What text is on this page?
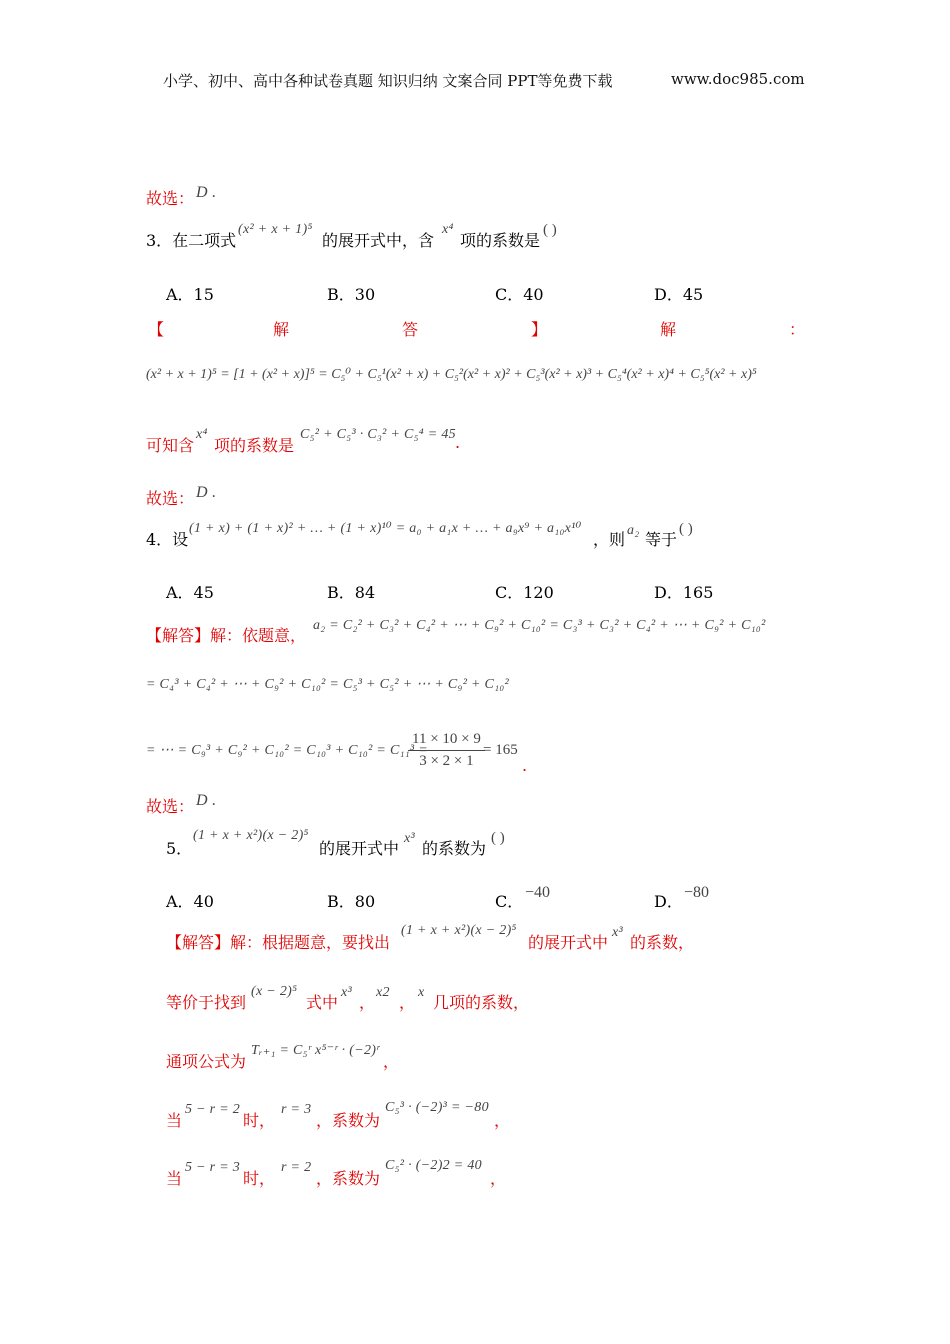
小学、初中、高中各种试卷真题 知识归纳 文案合同 PPT等免费下载	www.doc985.com
故选： D .
3．在二项式
(x² + x + 1)⁵
的展开式中，含
x⁴
项的系数是
( )
A．15	B．30	C．40	D．45
【	解	答	】	解	：
(x² + x + 1)⁵ = [1 + (x² + x)]⁵ = C₅⁰ + C₅¹(x² + x) + C₅²(x² + x)² + C₅³(x² + x)³ + C₅⁴(x² + x)⁴ + C₅⁵(x² + x)⁵
可知含
x⁴
项的系数是
C₅² + C₅³ · C₃² + C₅⁴ = 45 .
故选： D .
4．设
(1 + x) + (1 + x)² + … + (1 + x)¹⁰ = a₀ + a₁x + … + a₉x⁹ + a₁₀x¹⁰
，则 a₂ 等于
( )
A．45	B．84	C．120	D．165
【解答】解：依题意，
a₂ = C₂² + C₃² + C₄² + ⋯ + C₉² + C₁₀² = C₃³ + C₃² + C₄² + ⋯ + C₉² + C₁₀²
= C₄³ + C₄² + ⋯ + C₉² + C₁₀² = C₅³ + C₅² + ⋯ + C₉² + C₁₀²
= ⋯ = C₉³ + C₉² + C₁₀² = C₁₀³ + C₁₀² = C₁₁³ =
$\frac{11 \times 10 \times 9}{3 \times 2 \times 1}$
= 165
.
故选： D .
5．
(1 + x + x²)(x − 2)⁵
的展开式中
x³
的系数为
( )
A．40	B．80	C． −40	D． −80
【解答】解：根据题意，要找出
(1 + x + x²)(x − 2)⁵
的展开式中
x³
的系数，
等价于找到
(x − 2)⁵
式中
x³
，
x2
，
x
几项的系数，
通项公式为
Tᵣ₊₁ = C₅ʳ x⁵⁻ʳ · (−2)ʳ
，
当
5 − r = 2
时，
r = 3
，系数为
C₅³ · (−2)³ = −80
，
当
5 − r = 3
时，
r = 2
，系数为
C₅² · (−2)2 = 40
，
